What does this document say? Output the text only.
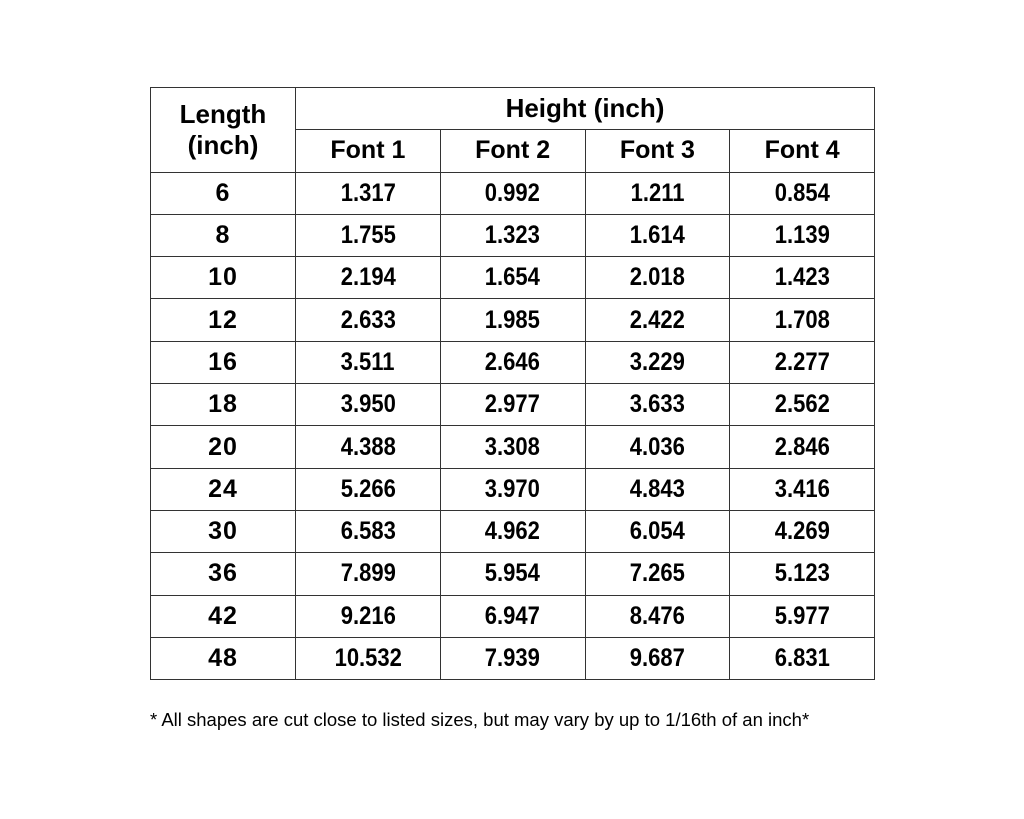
Length (inch)	Height (inch)			
	Font 1	Font 2	Font 3	Font 4
6	1.317	0.992	1.211	0.854
8	1.755	1.323	1.614	1.139
10	2.194	1.654	2.018	1.423
12	2.633	1.985	2.422	1.708
16	3.511	2.646	3.229	2.277
18	3.950	2.977	3.633	2.562
20	4.388	3.308	4.036	2.846
24	5.266	3.970	4.843	3.416
30	6.583	4.962	6.054	4.269
36	7.899	5.954	7.265	5.123
42	9.216	6.947	8.476	5.977
48	10.532	7.939	9.687	6.831
* All shapes are cut close to listed sizes, but may vary by up to 1/16th of an inch*
